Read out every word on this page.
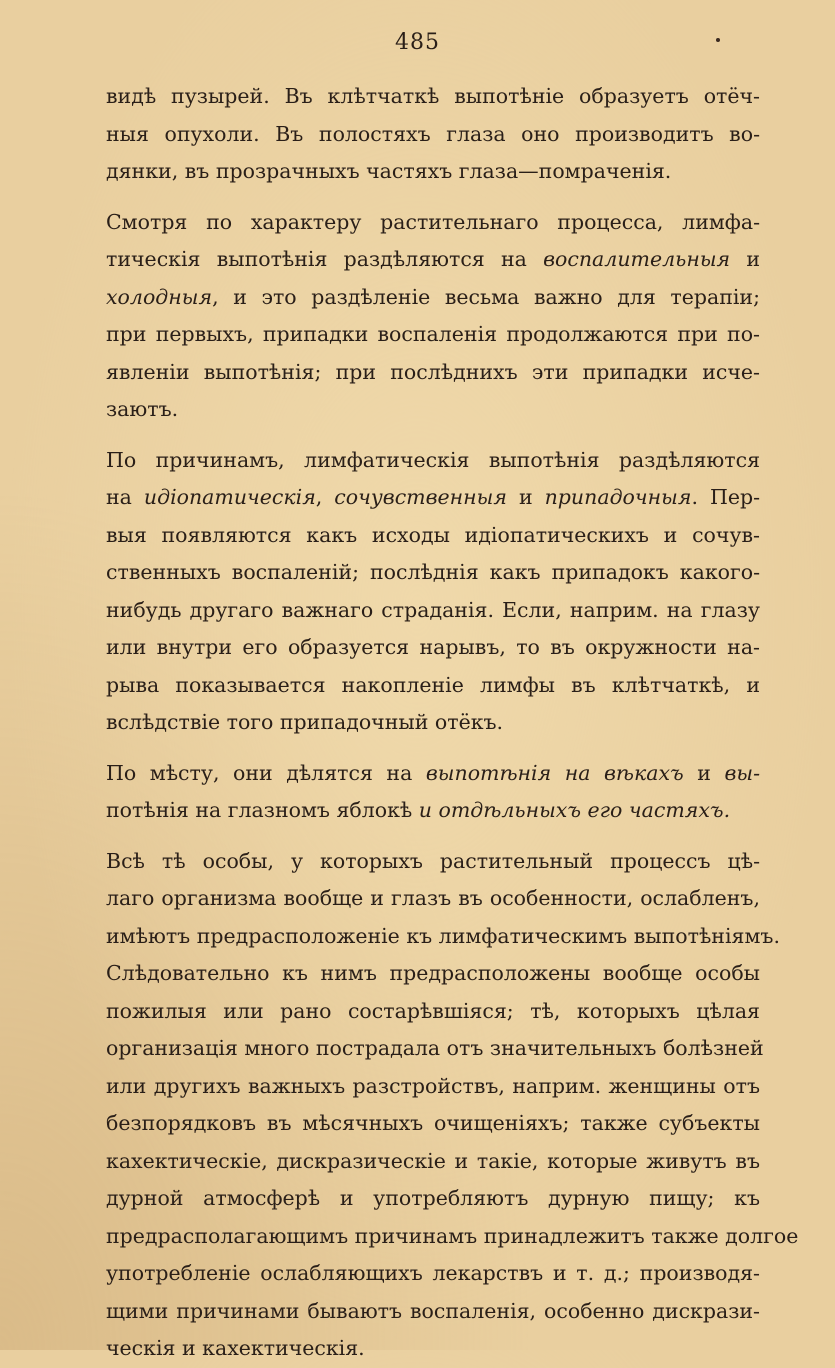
485
видѣ пузырей. Въ клѣтчаткѣ выпотѣніе образуетъ отёч-
ныя опухоли. Въ полостяхъ глаза оно производитъ во-
дянки, въ прозрачныхъ частяхъ глаза—помраченія.
Смотря по характеру растительнаго процесса, лимфа-
тическія выпотѣнія раздѣляются на воспалительныя и
холодныя, и это раздѣленіе весьма важно для терапіи;
при первыхъ, припадки воспаленія продолжаются при по-
явленіи выпотѣнія; при послѣднихъ эти припадки исче-
заютъ.
По причинамъ, лимфатическія выпотѣнія раздѣляются
на идіопатическія, сочувственныя и припадочныя. Пер-
выя появляются какъ исходы идіопатическихъ и сочув-
ственныхъ воспаленій; послѣднія какъ припадокъ какого-
нибудь другаго важнаго страданія. Если, наприм. на глазу
или внутри его образуется нарывъ, то въ окружности на-
рыва показывается накопленіе лимфы въ клѣтчаткѣ, и
вслѣдствіе того припадочный отёкъ.
По мѣсту, они дѣлятся на выпотѣнія на вѣкахъ и вы-
потѣнія на глазномъ яблокѣ и отдѣльныхъ его частяхъ.
Всѣ тѣ особы, у которыхъ растительный процессъ цѣ-
лаго организма вообще и глазъ въ особенности, ослабленъ,
имѣютъ предрасположеніе къ лимфатическимъ выпотѣніямъ.
Слѣдовательно къ нимъ предрасположены вообще особы
пожилыя или рано состарѣвшіяся; тѣ, которыхъ цѣлая
организація много пострадала отъ значительныхъ болѣзней
или другихъ важныхъ разстройствъ, наприм. женщины отъ
безпорядковъ въ мѣсячныхъ очищеніяхъ; также субъекты
кахектическіе, дискразическіе и такіе, которые живутъ въ
дурной атмосферѣ и употребляютъ дурную пищу; къ
предрасполагающимъ причинамъ принадлежитъ также долгое
употребленіе ослабляющихъ лекарствъ и т. д.; производя-
щими причинами бываютъ воспаленія, особенно дискрази-
ческія и кахектическія.
